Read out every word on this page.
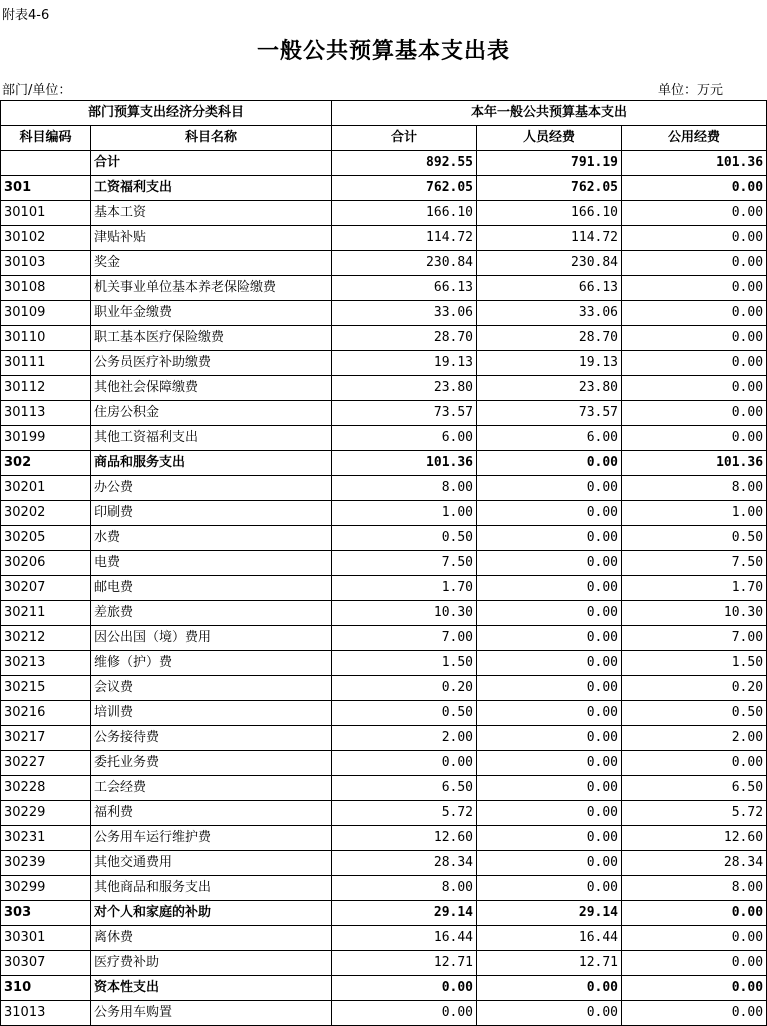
附表4-6
一般公共预算基本支出表
部门/单位：	单位：万元
部门预算支出经济分类科目		本年一般公共预算基本支出		
科目编码	科目名称	合计	人员经费	公用经费
	合计	892.55	791.19	101.36
301	工资福利支出	762.05	762.05	0.00
30101	基本工资	166.10	166.10	0.00
30102	津贴补贴	114.72	114.72	0.00
30103	奖金	230.84	230.84	0.00
30108	机关事业单位基本养老保险缴费	66.13	66.13	0.00
30109	职业年金缴费	33.06	33.06	0.00
30110	职工基本医疗保险缴费	28.70	28.70	0.00
30111	公务员医疗补助缴费	19.13	19.13	0.00
30112	其他社会保障缴费	23.80	23.80	0.00
30113	住房公积金	73.57	73.57	0.00
30199	其他工资福利支出	6.00	6.00	0.00
302	商品和服务支出	101.36	0.00	101.36
30201	办公费	8.00	0.00	8.00
30202	印刷费	1.00	0.00	1.00
30205	水费	0.50	0.00	0.50
30206	电费	7.50	0.00	7.50
30207	邮电费	1.70	0.00	1.70
30211	差旅费	10.30	0.00	10.30
30212	因公出国（境）费用	7.00	0.00	7.00
30213	维修（护）费	1.50	0.00	1.50
30215	会议费	0.20	0.00	0.20
30216	培训费	0.50	0.00	0.50
30217	公务接待费	2.00	0.00	2.00
30227	委托业务费	0.00	0.00	0.00
30228	工会经费	6.50	0.00	6.50
30229	福利费	5.72	0.00	5.72
30231	公务用车运行维护费	12.60	0.00	12.60
30239	其他交通费用	28.34	0.00	28.34
30299	其他商品和服务支出	8.00	0.00	8.00
303	对个人和家庭的补助	29.14	29.14	0.00
30301	离休费	16.44	16.44	0.00
30307	医疗费补助	12.71	12.71	0.00
310	资本性支出	0.00	0.00	0.00
31013	公务用车购置	0.00	0.00	0.00
